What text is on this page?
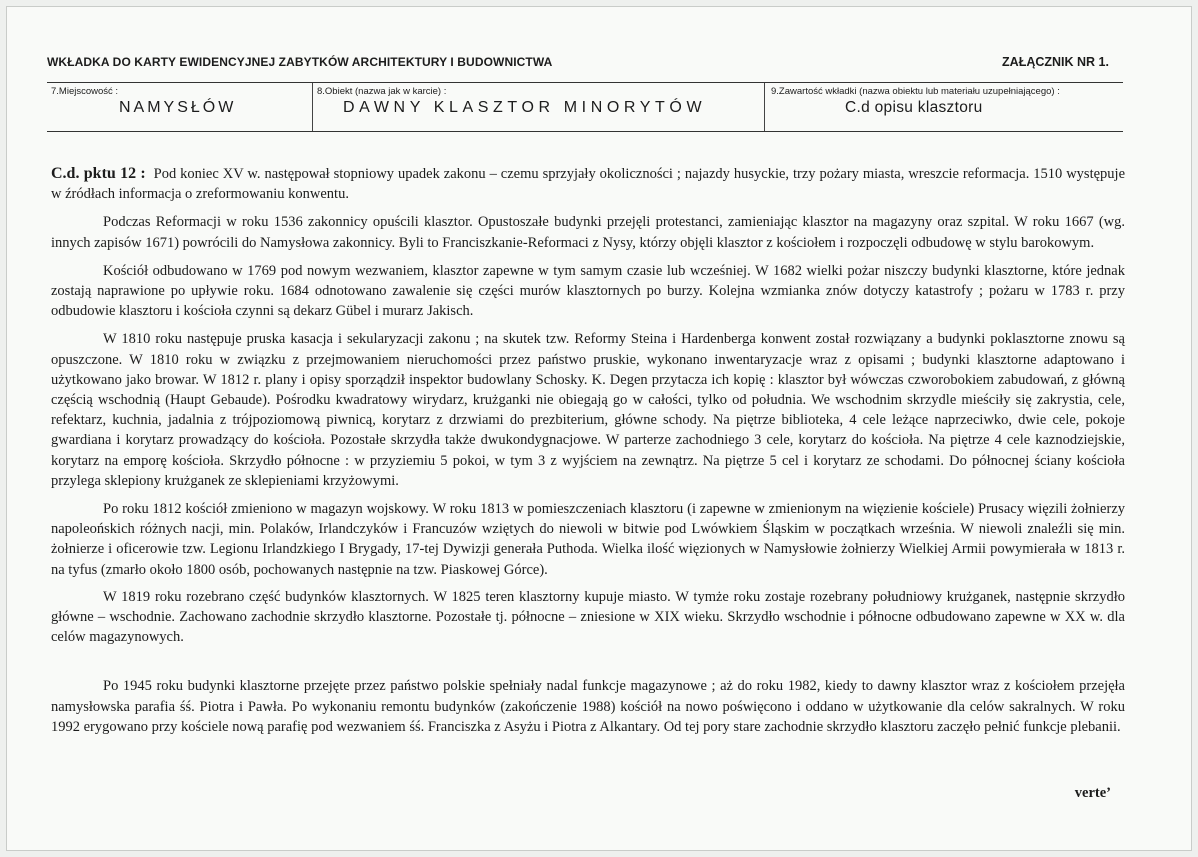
WKŁADKA DO KARTY EWIDENCYJNEJ ZABYTKÓW ARCHITEKTURY I BUDOWNICTWA	ZAŁĄCZNIK NR 1.
7.Miejscowość :
NAMYSŁÓW
8.Obiekt (nazwa jak w karcie) :
DAWNY KLASZTOR MINORYTÓW
9.Zawartość wkładki (nazwa obiektu lub materiału uzupełniającego) :
C.d opisu klasztoru

C.d. pktu 12 : Pod koniec XV w. następował stopniowy upadek zakonu – czemu sprzyjały okoliczności ; najazdy husyckie, trzy pożary miasta, wreszcie reformacja. 1510 występuje w źródłach informacja o zreformowaniu konwentu.

Podczas Reformacji w roku 1536 zakonnicy opuścili klasztor. Opustoszałe budynki przejęli protestanci, zamieniając klasztor na magazyny oraz szpital. W roku 1667 (wg. innych zapisów 1671) powrócili do Namysłowa zakonnicy. Byli to Franciszkanie-Reformaci z Nysy, którzy objęli klasztor z kościołem i rozpoczęli odbudowę w stylu barokowym.

Kościół odbudowano w 1769 pod nowym wezwaniem, klasztor zapewne w tym samym czasie lub wcześniej. W 1682 wielki pożar niszczy budynki klasztorne, które jednak zostają naprawione po upływie roku. 1684 odnotowano zawalenie się części murów klasztornych po burzy. Kolejna wzmianka znów dotyczy katastrofy ; pożaru w 1783 r. przy odbudowie klasztoru i kościoła czynni są dekarz Gübel i murarz Jakisch.

W 1810 roku następuje pruska kasacja i sekularyzacji zakonu ; na skutek tzw. Reformy Steina i Hardenberga konwent został rozwiązany a budynki poklasztorne znowu są opuszczone. W 1810 roku w związku z przejmowaniem nieruchomości przez państwo pruskie, wykonano inwentaryzacje wraz z opisami ; budynki klasztorne adaptowano i użytkowano jako browar. W 1812 r. plany i opisy sporządził inspektor budowlany Schosky. K. Degen przytacza ich kopię : klasztor był wówczas czworobokiem zabudowań, z główną częścią wschodnią (Haupt Gebaude). Pośrodku kwadratowy wirydarz, krużganki nie obiegają go w całości, tylko od południa. We wschodnim skrzydle mieściły się zakrystia, cele, refektarz, kuchnia, jadalnia z trójpoziomową piwnicą, korytarz z drzwiami do prezbiterium, główne schody. Na piętrze biblioteka, 4 cele leżące naprzeciwko, dwie cele, pokoje gwardiana i korytarz prowadzący do kościoła. Pozostałe skrzydła także dwukondygnacjowe. W parterze zachodniego 3 cele, korytarz do kościoła. Na piętrze 4 cele kaznodziejskie, korytarz na emporę kościoła. Skrzydło północne : w przyziemiu 5 pokoi, w tym 3 z wyjściem na zewnątrz. Na piętrze 5 cel i korytarz ze schodami. Do północnej ściany kościoła przylega sklepiony krużganek ze sklepieniami krzyżowymi.

Po roku 1812 kościół zmieniono w magazyn wojskowy. W roku 1813 w pomieszczeniach klasztoru (i zapewne w zmienionym na więzienie kościele) Prusacy więzili żołnierzy napoleońskich różnych nacji, min. Polaków, Irlandczyków i Francuzów wziętych do niewoli w bitwie pod Lwówkiem Śląskim w początkach września. W niewoli znaleźli się min. żołnierze i oficerowie tzw. Legionu Irlandzkiego I Brygady, 17-tej Dywizji generała Puthoda. Wielka ilość więzionych w Namysłowie żołnierzy Wielkiej Armii powymierała w 1813 r. na tyfus (zmarło około 1800 osób, pochowanych następnie na tzw. Piaskowej Górce).

W 1819 roku rozebrano część budynków klasztornych. W 1825 teren klasztorny kupuje miasto. W tymże roku zostaje rozebrany południowy krużganek, następnie skrzydło główne – wschodnie. Zachowano zachodnie skrzydło klasztorne. Pozostałe tj. północne – zniesione w XIX wieku. Skrzydło wschodnie i północne odbudowano zapewne w XX w. dla celów magazynowych.

Po 1945 roku budynki klasztorne przejęte przez państwo polskie spełniały nadal funkcje magazynowe ; aż do roku 1982, kiedy to dawny klasztor wraz z kościołem przejęła namysłowska parafia śś. Piotra i Pawła. Po wykonaniu remontu budynków (zakończenie 1988) kościół na nowo poświęcono i oddano w użytkowanie dla celów sakralnych. W roku 1992 erygowano przy kościele nową parafię pod wezwaniem śś. Franciszka z Asyżu i Piotra z Alkantary. Od tej pory stare zachodnie skrzydło klasztoru zaczęło pełnić funkcje plebanii.

verte’
